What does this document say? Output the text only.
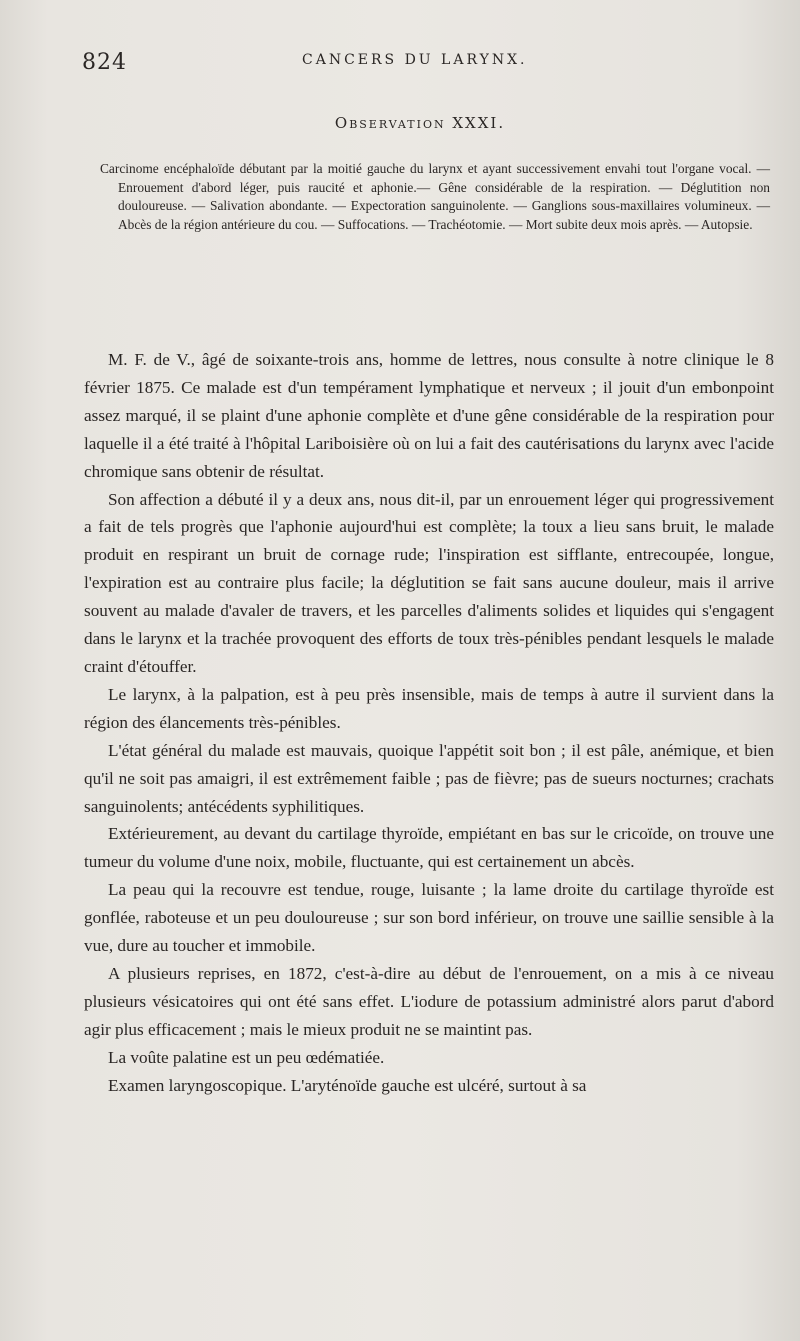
824	CANCERS DU LARYNX.
Observation XXXI.

Carcinome encéphaloïde débutant par la moitié gauche du larynx et ayant successivement envahi tout l'organe vocal. — Enrouement d'abord léger, puis raucité et aphonie.— Gêne considérable de la respiration. — Déglutition non douloureuse. — Salivation abondante. — Expectoration sanguinolente. — Ganglions sous-maxillaires volumineux. — Abcès de la région antérieure du cou. — Suffocations. — Trachéotomie. — Mort subite deux mois après. — Autopsie.

M. F. de V., âgé de soixante-trois ans, homme de lettres, nous consulte à notre clinique le 8 février 1875. Ce malade est d'un tempérament lymphatique et nerveux ; il jouit d'un embonpoint assez marqué, il se plaint d'une aphonie complète et d'une gêne considérable de la respiration pour laquelle il a été traité à l'hôpital Lariboisière où on lui a fait des cautérisations du larynx avec l'acide chromique sans obtenir de résultat.

Son affection a débuté il y a deux ans, nous dit-il, par un enrouement léger qui progressivement a fait de tels progrès que l'aphonie aujourd'hui est complète; la toux a lieu sans bruit, le malade produit en respirant un bruit de cornage rude; l'inspiration est sifflante, entrecoupée, longue, l'expiration est au contraire plus facile; la déglutition se fait sans aucune douleur, mais il arrive souvent au malade d'avaler de travers, et les parcelles d'aliments solides et liquides qui s'engagent dans le larynx et la trachée provoquent des efforts de toux très-pénibles pendant lesquels le malade craint d'étouffer.

Le larynx, à la palpation, est à peu près insensible, mais de temps à autre il survient dans la région des élancements très-pénibles.

L'état général du malade est mauvais, quoique l'appétit soit bon ; il est pâle, anémique, et bien qu'il ne soit pas amaigri, il est extrêmement faible ; pas de fièvre; pas de sueurs nocturnes; crachats sanguinolents; antécédents syphilitiques.

Extérieurement, au devant du cartilage thyroïde, empiétant en bas sur le cricoïde, on trouve une tumeur du volume d'une noix, mobile, fluctuante, qui est certainement un abcès.

La peau qui la recouvre est tendue, rouge, luisante ; la lame droite du cartilage thyroïde est gonflée, raboteuse et un peu douloureuse ; sur son bord inférieur, on trouve une saillie sensible à la vue, dure au toucher et immobile.

A plusieurs reprises, en 1872, c'est-à-dire au début de l'enrouement, on a mis à ce niveau plusieurs vésicatoires qui ont été sans effet. L'iodure de potassium administré alors parut d'abord agir plus efficacement ; mais le mieux produit ne se maintint pas.

La voûte palatine est un peu œdématiée.

Examen laryngoscopique. L'aryténoïde gauche est ulcéré, surtout à sa
